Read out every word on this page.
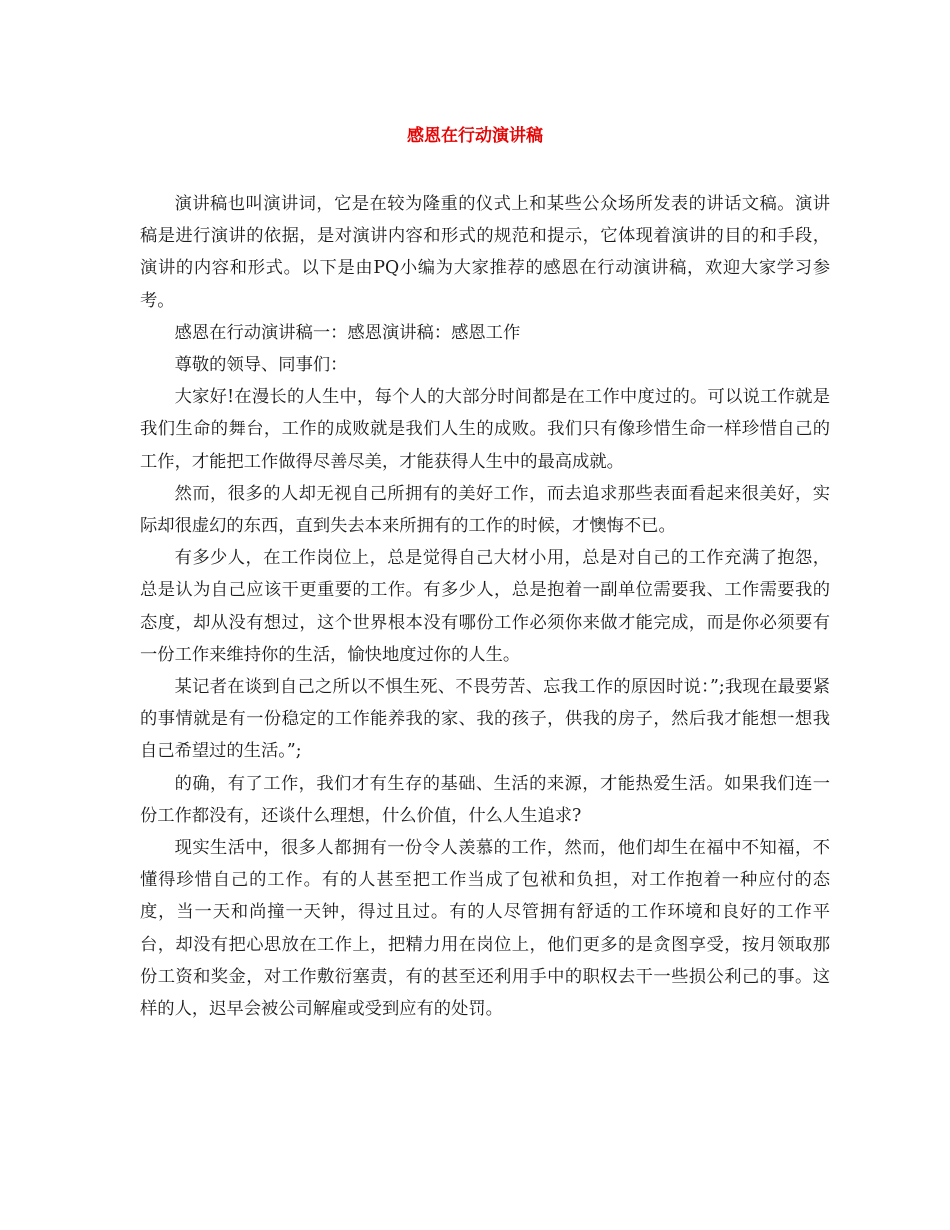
感恩在行动演讲稿

演讲稿也叫演讲词，它是在较为隆重的仪式上和某些公众场所发表的讲话文稿。演讲稿是进行演讲的依据，是对演讲内容和形式的规范和提示，它体现着演讲的目的和手段，演讲的内容和形式。以下是由PQ小编为大家推荐的感恩在行动演讲稿，欢迎大家学习参考。

感恩在行动演讲稿一：感恩演讲稿：感恩工作

尊敬的领导、同事们：

大家好!在漫长的人生中，每个人的大部分时间都是在工作中度过的。可以说工作就是我们生命的舞台，工作的成败就是我们人生的成败。我们只有像珍惜生命一样珍惜自己的工作，才能把工作做得尽善尽美，才能获得人生中的最高成就。

然而，很多的人却无视自己所拥有的美好工作，而去追求那些表面看起来很美好，实际却很虚幻的东西，直到失去本来所拥有的工作的时候，才懊悔不已。

有多少人，在工作岗位上，总是觉得自己大材小用，总是对自己的工作充满了抱怨，总是认为自己应该干更重要的工作。有多少人，总是抱着一副单位需要我、工作需要我的态度，却从没有想过，这个世界根本没有哪份工作必须你来做才能完成，而是你必须要有一份工作来维持你的生活，愉快地度过你的人生。

某记者在谈到自己之所以不惧生死、不畏劳苦、忘我工作的原因时说：”;我现在最要紧的事情就是有一份稳定的工作能养我的家、我的孩子，供我的房子，然后我才能想一想我自己希望过的生活。”;

的确，有了工作，我们才有生存的基础、生活的来源，才能热爱生活。如果我们连一份工作都没有，还谈什么理想，什么价值，什么人生追求?

现实生活中，很多人都拥有一份令人羡慕的工作，然而，他们却生在福中不知福，不懂得珍惜自己的工作。有的人甚至把工作当成了包袱和负担，对工作抱着一种应付的态度，当一天和尚撞一天钟，得过且过。有的人尽管拥有舒适的工作环境和良好的工作平台，却没有把心思放在工作上，把精力用在岗位上，他们更多的是贪图享受，按月领取那份工资和奖金，对工作敷衍塞责，有的甚至还利用手中的职权去干一些损公利己的事。这样的人，迟早会被公司解雇或受到应有的处罚。
